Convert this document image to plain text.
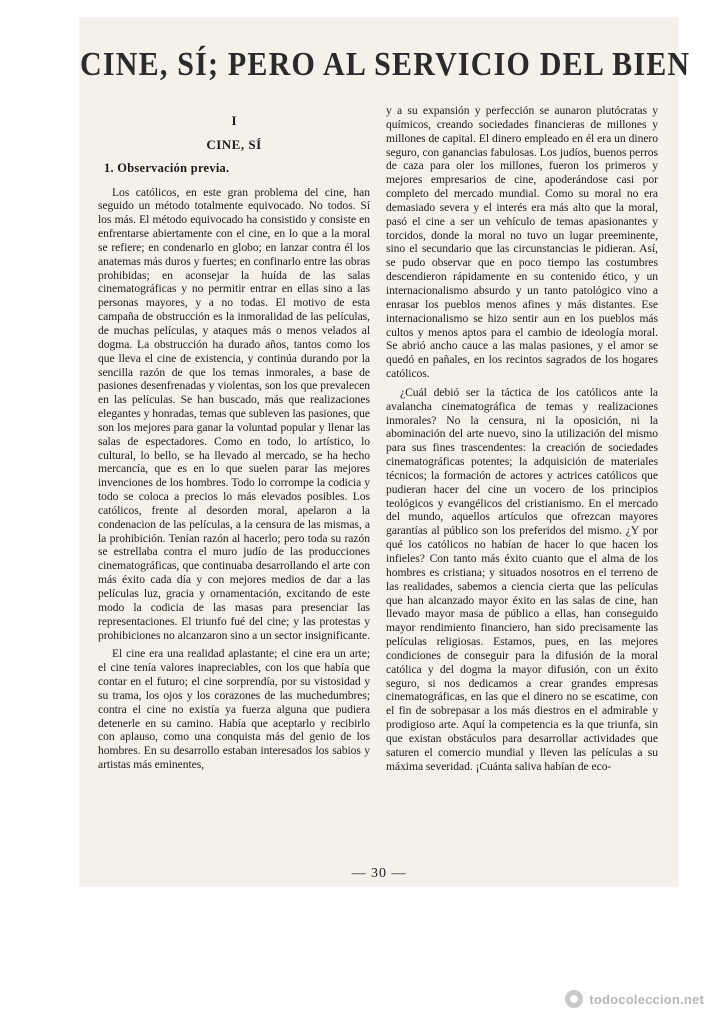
CINE, SÍ; PERO AL SERVICIO DEL BIEN
I
CINE, SÍ
1. Observación previa.

Los católicos, en este gran problema del cine, han seguido un método totalmente equivocado. No todos. Sí los más. El método equivocado ha consistido y consiste en enfrentarse abiertamente con el cine, en lo que a la moral se refiere; en condenarlo en globo; en lanzar contra él los anatemas más duros y fuertes; en confinarlo entre las obras prohibidas; en aconsejar la huída de las salas cinematográficas y no permitir entrar en ellas sino a las personas mayores, y a no todas. El motivo de esta campaña de obstrucción es la inmoralidad de las películas, de muchas películas, y ataques más o menos velados al dogma. La obstrucción ha durado años, tantos como los que lleva el cine de existencia, y continúa durando por la sencilla razón de que los temas inmorales, a base de pasiones desenfrenadas y violentas, son los que prevalecen en las películas. Se han buscado, más que realizaciones elegantes y honradas, temas que subleven las pasiones, que son los mejores para ganar la voluntad popular y llenar las salas de espectadores. Como en todo, lo artístico, lo cultural, lo bello, se ha llevado al mercado, se ha hecho mercancía, que es en lo que suelen parar las mejores invenciones de los hombres. Todo lo corrompe la codicia y todo se coloca a precios lo más elevados posibles. Los católicos, frente al desorden moral, apelaron a la condenacion de las películas, a la censura de las mismas, a la prohibición. Tenían razón al hacerlo; pero toda su razón se estrellaba contra el muro judío de las producciones cinematográficas, que continuaba desarrollando el arte con más éxito cada día y con mejores medios de dar a las películas luz, gracia y ornamentación, excitando de este modo la codicia de las masas para presenciar las representaciones. El triunfo fué del cine; y las protestas y prohibiciones no alcanzaron sino a un sector insignificante.

El cine era una realidad aplastante; el cine era un arte; el cine tenía valores inapreciables, con los que había que contar en el futuro; el cine sorprendía, por su vistosidad y su trama, los ojos y los corazones de las muchedumbres; contra el cine no existía ya fuerza alguna que pudiera detenerle en su camino. Había que aceptarlo y recibirlo con aplauso, como una conquista más del genio de los hombres. En su desarrollo estaban interesados los sabios y artistas más eminentes,

y a su expansión y perfección se aunaron plutócratas y químicos, creando sociedades financieras de millones y millones de capital. El dinero empleado en él era un dinero seguro, con ganancias fabulosas. Los judíos, buenos perros de caza para oler los millones, fueron los primeros y mejores empresarios de cine, apoderándose casi por completo del mercado mundial. Como su moral no era demasiado severa y el interés era más alto que la moral, pasó el cine a ser un vehículo de temas apasionantes y torcidos, donde la moral no tuvo un lugar preeminente, sino el secundario que las circunstancias le pidieran. Así, se pudo observar que en poco tiempo las costumbres descendieron rápidamente en su contenido ético, y un internacionalismo absurdo y un tanto patológico vino a enrasar los pueblos menos afines y más distantes. Ese internacionalismo se hizo sentir aun en los pueblos más cultos y menos aptos para el cambio de ideología moral. Se abrió ancho cauce a las malas pasiones, y el amor se quedó en pañales, en los recintos sagrados de los hogares católicos.

¿Cuál debió ser la táctica de los católicos ante la avalancha cinematográfica de temas y realizaciones inmorales? No la censura, ni la oposición, ni la abominación del arte nuevo, sino la utilización del mismo para sus fines trascendentes: la creación de sociedades cinematográficas potentes; la adquisición de materiales técnicos; la formación de actores y actrices católicos que pudieran hacer del cine un vocero de los principios teológicos y evangélicos del cristianismo. En el mercado del mundo, aquellos artículos que ofrezcan mayores garantías al público son los preferidos del mismo. ¿Y por qué los católicos no habían de hacer lo que hacen los infieles? Con tanto más éxito cuanto que el alma de los hombres es cristiana; y situados nosotros en el terreno de las realidades, sabemos a ciencia cierta que las películas que han alcanzado mayor éxito en las salas de cine, han llevado mayor masa de público a ellas, han conseguido mayor rendimiento financiero, han sido precisamente las películas religiosas. Estamos, pues, en las mejores condiciones de conseguir para la difusión de la moral católica y del dogma la mayor difusión, con un éxito seguro, si nos dedicamos a crear grandes empresas cinematográficas, en las que el dinero no se escatime, con el fin de sobrepasar a los más diestros en el admirable y prodigioso arte. Aquí la competencia es la que triunfa, sin que existan obstáculos para desarrollar actividades que saturen el comercio mundial y lleven las películas a su máxima severidad. ¡Cuánta saliva habían de eco-

— 30 —
todocoleccion.net
